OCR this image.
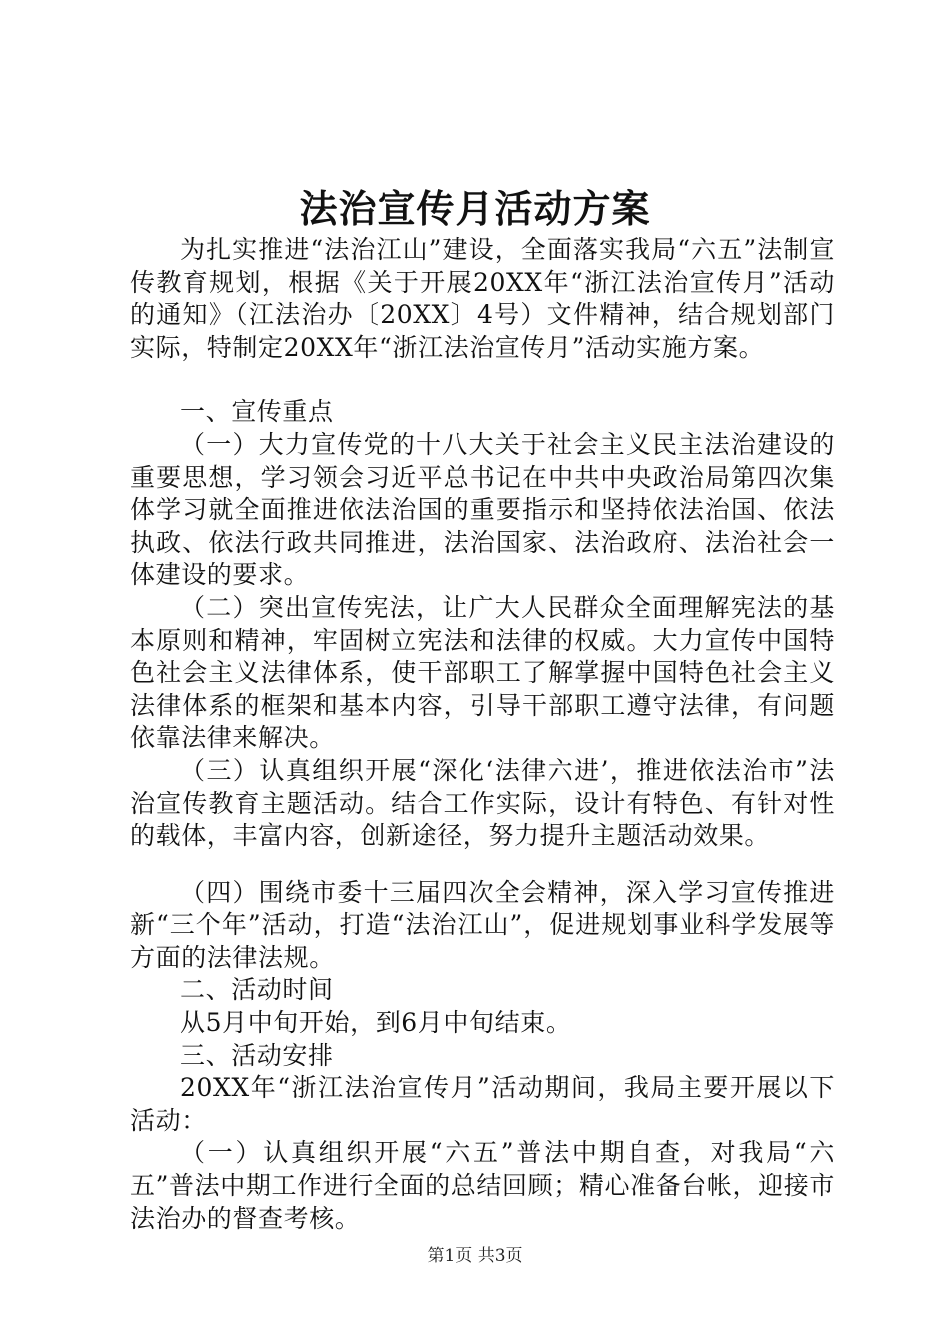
法治宣传月活动方案

为扎实推进“法治江山”建设，全面落实我局“六五”法制宣传教育规划，根据《关于开展20XX年“浙江法治宣传月”活动的通知》（江法治办〔20XX〕4号）文件精神，结合规划部门实际，特制定20XX年“浙江法治宣传月”活动实施方案。

一、宣传重点

（一）大力宣传党的十八大关于社会主义民主法治建设的重要思想，学习领会习近平总书记在中共中央政治局第四次集体学习就全面推进依法治国的重要指示和坚持依法治国、依法执政、依法行政共同推进，法治国家、法治政府、法治社会一体建设的要求。

（二）突出宣传宪法，让广大人民群众全面理解宪法的基本原则和精神，牢固树立宪法和法律的权威。大力宣传中国特色社会主义法律体系，使干部职工了解掌握中国特色社会主义法律体系的框架和基本内容，引导干部职工遵守法律，有问题依靠法律来解决。

（三）认真组织开展“深化‘法律六进’，推进依法治市”法治宣传教育主题活动。结合工作实际，设计有特色、有针对性的载体，丰富内容，创新途径，努力提升主题活动效果。

（四）围绕市委十三届四次全会精神，深入学习宣传推进新“三个年”活动，打造“法治江山”，促进规划事业科学发展等方面的法律法规。

二、活动时间

从5月中旬开始，到6月中旬结束。

三、活动安排

20XX年“浙江法治宣传月”活动期间，我局主要开展以下活动：

（一）认真组织开展“六五”普法中期自查，对我局“六五”普法中期工作进行全面的总结回顾；精心准备台帐，迎接市法治办的督查考核。

第1页 共3页
